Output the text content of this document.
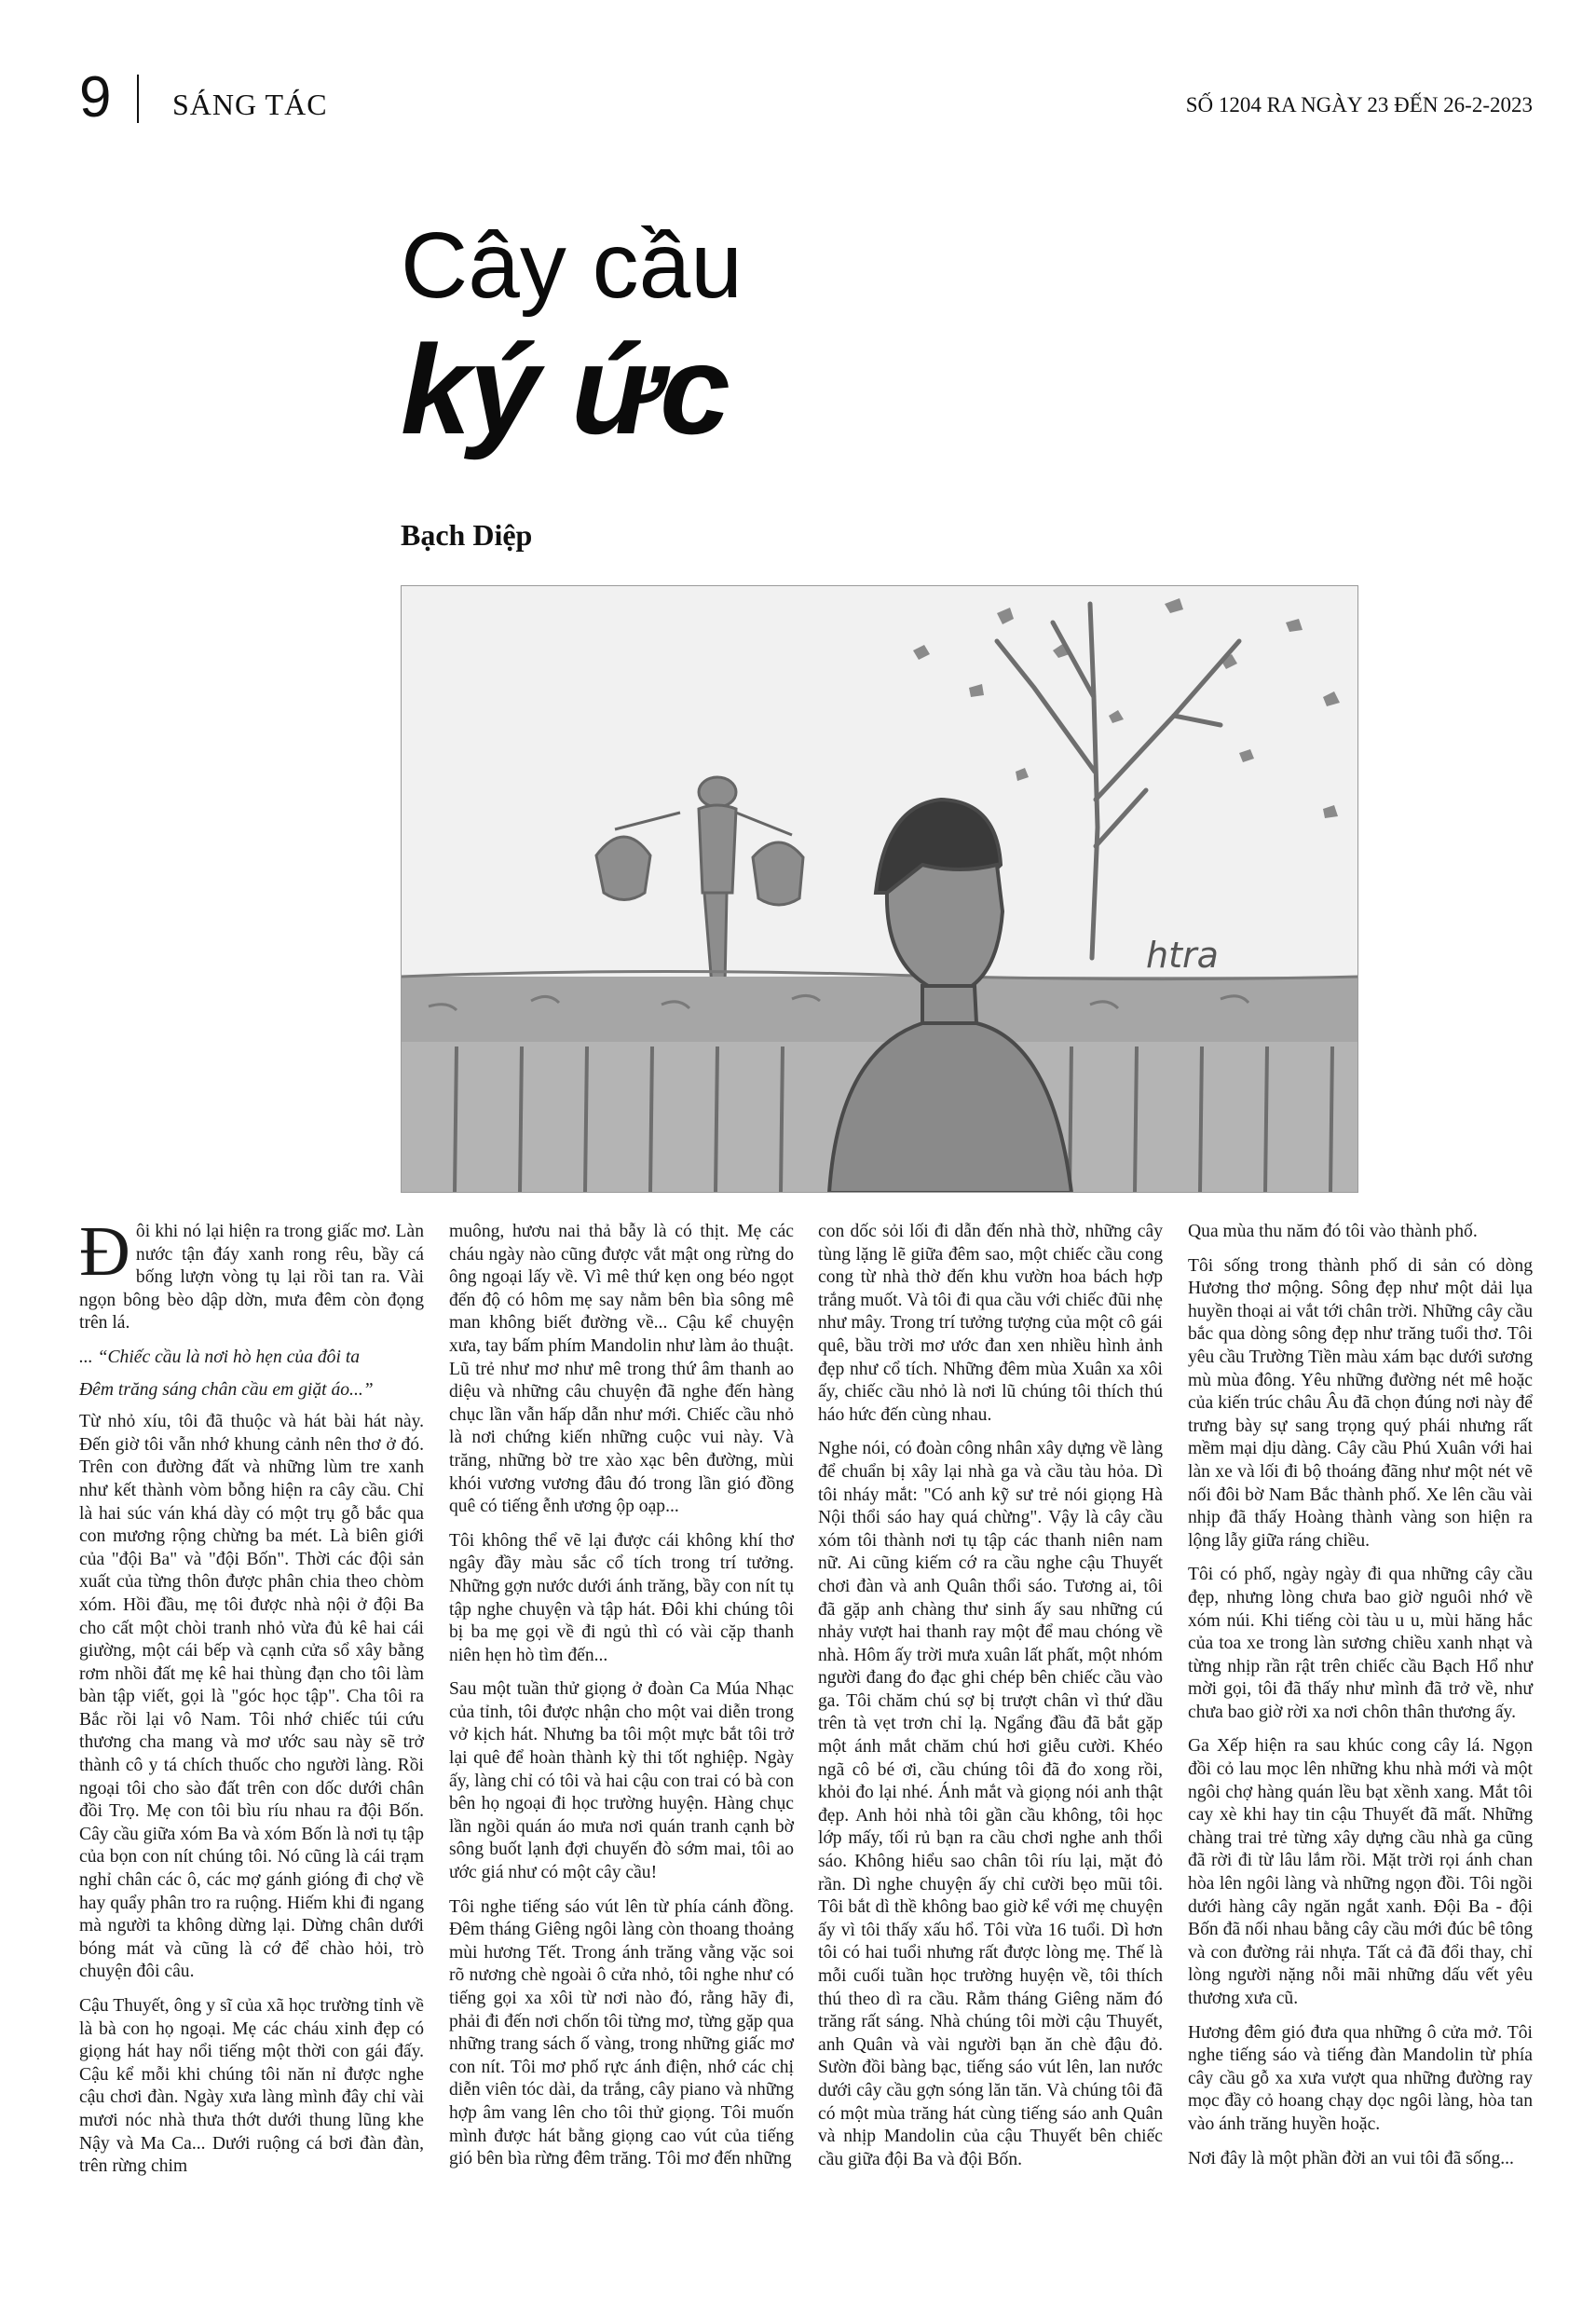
9 SÁNG TÁC	SỐ 1204 RA NGÀY 23 ĐẾN 26-2-2023
Cây cầu
ký ức
Bạch Diệp
htra

Đôi khi nó lại hiện ra trong giấc mơ. Làn nước tận đáy xanh rong rêu, bầy cá bống lượn vòng tụ lại rồi tan ra. Vài ngọn bông bèo dập dờn, mưa đêm còn đọng trên lá.

... “Chiếc cầu là nơi hò hẹn của đôi ta

Đêm trăng sáng chân cầu em giặt áo...”

Từ nhỏ xíu, tôi đã thuộc và hát bài hát này. Đến giờ tôi vẫn nhớ khung cảnh nên thơ ở đó. Trên con đường đất và những lùm tre xanh như kết thành vòm bỗng hiện ra cây cầu. Chỉ là hai súc ván khá dày có một trụ gỗ bắc qua con mương rộng chừng ba mét. Là biên giới của "đội Ba" và "đội Bốn". Thời các đội sản xuất của từng thôn được phân chia theo chòm xóm. Hồi đầu, mẹ tôi được nhà nội ở đội Ba cho cất một chòi tranh nhỏ vừa đủ kê hai cái giường, một cái bếp và cạnh cửa sổ xây bằng rơm nhồi đất mẹ kê hai thùng đạn cho tôi làm bàn tập viết, gọi là "góc học tập". Cha tôi ra Bắc rồi lại vô Nam. Tôi nhớ chiếc túi cứu thương cha mang và mơ ước sau này sẽ trở thành cô y tá chích thuốc cho người làng. Rồi ngoại tôi cho sào đất trên con dốc dưới chân đồi Trọ. Mẹ con tôi bìu ríu nhau ra đội Bốn. Cây cầu giữa xóm Ba và xóm Bốn là nơi tụ tập của bọn con nít chúng tôi. Nó cũng là cái trạm nghỉ chân các ô, các mợ gánh gióng đi chợ về hay quẩy phân tro ra ruộng. Hiếm khi đi ngang mà người ta không dừng lại. Dừng chân dưới bóng mát và cũng là cớ để chào hỏi, trò chuyện đôi câu.

Cậu Thuyết, ông y sĩ của xã học trường tỉnh về là bà con họ ngoại. Mẹ các cháu xinh đẹp có giọng hát hay nổi tiếng một thời con gái đấy. Cậu kể mỗi khi chúng tôi năn nỉ được nghe cậu chơi đàn. Ngày xưa làng mình đây chỉ vài mươi nóc nhà thưa thớt dưới thung lũng khe Nậy và Ma Ca... Dưới ruộng cá bơi đàn đàn, trên rừng chim

muông, hươu nai thả bẫy là có thịt. Mẹ các cháu ngày nào cũng được vắt mật ong rừng do ông ngoại lấy về. Vì mê thứ kẹn ong béo ngọt đến độ có hôm mẹ say nằm bên bìa sông mê man không biết đường về... Cậu kể chuyện xưa, tay bấm phím Mandolin như làm ảo thuật. Lũ trẻ như mơ như mê trong thứ âm thanh ao diệu và những câu chuyện đã nghe đến hàng chục lần vẫn hấp dẫn như mới. Chiếc cầu nhỏ là nơi chứng kiến những cuộc vui này. Và trăng, những bờ tre xào xạc bên đường, mùi khói vương vương đâu đó trong lần gió đồng quê có tiếng ễnh ương ộp oạp...

Tôi không thể vẽ lại được cái không khí thơ ngây đầy màu sắc cổ tích trong trí tưởng. Những gợn nước dưới ánh trăng, bầy con nít tụ tập nghe chuyện và tập hát. Đôi khi chúng tôi bị ba mẹ gọi về đi ngủ thì có vài cặp thanh niên hẹn hò tìm đến...

Sau một tuần thử giọng ở đoàn Ca Múa Nhạc của tỉnh, tôi được nhận cho một vai diễn trong vở kịch hát. Nhưng ba tôi một mực bắt tôi trở lại quê để hoàn thành kỳ thi tốt nghiệp. Ngày ấy, làng chỉ có tôi và hai cậu con trai có bà con bên họ ngoại đi học trường huyện. Hàng chục lần ngồi quán áo mưa nơi quán tranh cạnh bờ sông buốt lạnh đợi chuyến đò sớm mai, tôi ao ước giá như có một cây cầu!

Tôi nghe tiếng sáo vút lên từ phía cánh đồng. Đêm tháng Giêng ngôi làng còn thoang thoảng mùi hương Tết. Trong ánh trăng vằng vặc soi rõ nương chè ngoài ô cửa nhỏ, tôi nghe như có tiếng gọi xa xôi từ nơi nào đó, rằng hãy đi, phải đi đến nơi chốn tôi từng mơ, từng gặp qua những trang sách ố vàng, trong những giấc mơ con nít. Tôi mơ phố rực ánh điện, nhớ các chị diễn viên tóc dài, da trắng, cây piano và những hợp âm vang lên cho tôi thử giọng. Tôi muốn mình được hát bằng giọng cao vút của tiếng gió bên bìa rừng đêm trăng. Tôi mơ đến những

con dốc sỏi lối đi dẫn đến nhà thờ, những cây tùng lặng lẽ giữa đêm sao, một chiếc cầu cong cong từ nhà thờ đến khu vườn hoa bách hợp trắng muốt. Và tôi đi qua cầu với chiếc đũi nhẹ như mây. Trong trí tưởng tượng của một cô gái quê, bầu trời mơ ước đan xen nhiều hình ảnh đẹp như cổ tích. Những đêm mùa Xuân xa xôi ấy, chiếc cầu nhỏ là nơi lũ chúng tôi thích thú háo hức đến cùng nhau.

Nghe nói, có đoàn công nhân xây dựng về làng để chuẩn bị xây lại nhà ga và cầu tàu hỏa. Dì tôi nháy mắt: "Có anh kỹ sư trẻ nói giọng Hà Nội thổi sáo hay quá chừng". Vậy là cây cầu xóm tôi thành nơi tụ tập các thanh niên nam nữ. Ai cũng kiếm cớ ra cầu nghe cậu Thuyết chơi đàn và anh Quân thổi sáo. Tương ai, tôi đã gặp anh chàng thư sinh ấy sau những cú nhảy vượt hai thanh ray một để mau chóng về nhà. Hôm ấy trời mưa xuân lất phất, một nhóm người đang đo đạc ghi chép bên chiếc cầu vào ga. Tôi chăm chú sợ bị trượt chân vì thứ dầu trên tà vẹt trơn chỉ lạ. Ngẩng đầu đã bắt gặp một ánh mắt chăm chú hơi giễu cười. Khéo ngã cô bé ơi, cầu chúng tôi đã đo xong rồi, khỏi đo lại nhé. Ánh mắt và giọng nói anh thật đẹp. Anh hỏi nhà tôi gần cầu không, tôi học lớp mấy, tối rủ bạn ra cầu chơi nghe anh thổi sáo. Không hiểu sao chân tôi ríu lại, mặt đỏ rần. Dì nghe chuyện ấy chỉ cười bẹo mũi tôi. Tôi bắt dì thề không bao giờ kể với mẹ chuyện ấy vì tôi thấy xấu hổ. Tôi vừa 16 tuổi. Dì hơn tôi có hai tuổi nhưng rất được lòng mẹ. Thế là mỗi cuối tuần học trường huyện về, tôi thích thú theo dì ra cầu. Rằm tháng Giêng năm đó trăng rất sáng. Nhà chúng tôi mời cậu Thuyết, anh Quân và vài người bạn ăn chè đậu đỏ. Sườn đồi bàng bạc, tiếng sáo vút lên, lan nước dưới cây cầu gợn sóng lăn tăn. Và chúng tôi đã có một mùa trăng hát cùng tiếng sáo anh Quân và nhịp Mandolin của cậu Thuyết bên chiếc cầu giữa đội Ba và đội Bốn.

Qua mùa thu năm đó tôi vào thành phố.

Tôi sống trong thành phố di sản có dòng Hương thơ mộng. Sông đẹp như một dải lụa huyền thoại ai vắt tới chân trời. Những cây cầu bắc qua dòng sông đẹp như trăng tuổi thơ. Tôi yêu cầu Trường Tiền màu xám bạc dưới sương mù mùa đông. Yêu những đường nét mê hoặc của kiến trúc châu Âu đã chọn đúng nơi này để trưng bày sự sang trọng quý phái nhưng rất mềm mại dịu dàng. Cây cầu Phú Xuân với hai làn xe và lối đi bộ thoáng đãng như một nét vẽ nối đôi bờ Nam Bắc thành phố. Xe lên cầu vài nhịp đã thấy Hoàng thành vàng son hiện ra lộng lẫy giữa ráng chiều.

Tôi có phố, ngày ngày đi qua những cây cầu đẹp, nhưng lòng chưa bao giờ nguôi nhớ về xóm núi. Khi tiếng còi tàu u u, mùi hăng hắc của toa xe trong làn sương chiều xanh nhạt và từng nhịp rần rật trên chiếc cầu Bạch Hổ như mời gọi, tôi đã thấy như mình đã trở về, như chưa bao giờ rời xa nơi chôn thân thương ấy.

Ga Xếp hiện ra sau khúc cong cây lá. Ngọn đồi cỏ lau mọc lên những khu nhà mới và một ngôi chợ hàng quán lều bạt xềnh xang. Mắt tôi cay xè khi hay tin cậu Thuyết đã mất. Những chàng trai trẻ từng xây dựng cầu nhà ga cũng đã rời đi từ lâu lắm rồi. Mặt trời rọi ánh chan hòa lên ngôi làng và những ngọn đồi. Tôi ngồi dưới hàng cây ngăn ngắt xanh. Đội Ba - đội Bốn đã nối nhau bằng cây cầu mới đúc bê tông và con đường rải nhựa. Tất cả đã đổi thay, chỉ lòng người nặng nỗi mãi những dấu vết yêu thương xưa cũ.

Hương đêm gió đưa qua những ô cửa mở. Tôi nghe tiếng sáo và tiếng đàn Mandolin từ phía cây cầu gỗ xa xưa vượt qua những đường ray mọc đầy cỏ hoang chạy dọc ngôi làng, hòa tan vào ánh trăng huyền hoặc.

Nơi đây là một phần đời an vui tôi đã sống...
